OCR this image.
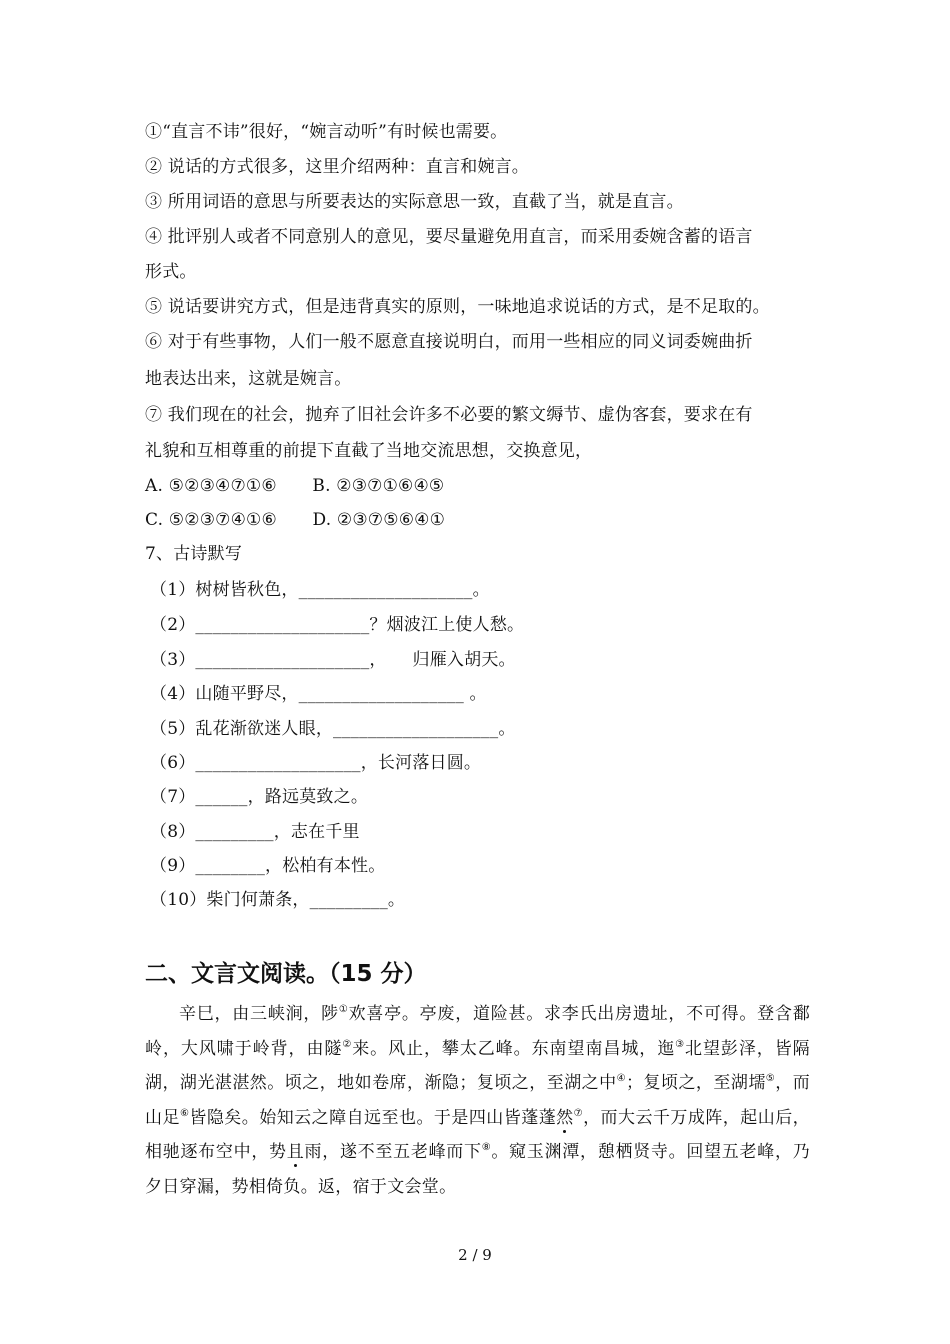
①“直言不讳”很好，“婉言动听”有时候也需要。
② 说话的方式很多，这里介绍两种：直言和婉言。
③ 所用词语的意思与所要表达的实际意思一致，直截了当，就是直言。
④ 批评别人或者不同意别人的意见，要尽量避免用直言，而采用委婉含蓄的语言
形式。
⑤ 说话要讲究方式，但是违背真实的原则，一味地追求说话的方式，是不足取的。
⑥ 对于有些事物，人们一般不愿意直接说明白，而用一些相应的同义词委婉曲折
地表达出来，这就是婉言。
⑦ 我们现在的社会，抛弃了旧社会许多不必要的繁文缛节、虚伪客套，要求在有
礼貌和互相尊重的前提下直截了当地交流思想，交换意见，
A. ⑤②③④⑦①⑥ B. ②③⑦①⑥④⑤
C. ⑤②③⑦④①⑥ D. ②③⑦⑤⑥④①
7、古诗默写
（1）树树皆秋色，____________________。
（2）____________________？烟波江上使人愁。
（3）____________________，　　归雁入胡天。
（4）山随平野尽，___________________ 。
（5）乱花渐欲迷人眼，___________________。
（6）___________________，长河落日圆。
（7）______，路远莫致之。
（8）_________，志在千里
（9）________，松柏有本性。
（10）柴门何萧条，_________。
二、文言文阅读。（15 分）
辛巳，由三峡涧，陟①欢喜亭。亭废，道险甚。求李氏出房遗址，不可得。登含鄱岭，大风啸于岭背，由隧②来。风止，攀太乙峰。东南望南昌城，迤③北望彭泽，皆隔湖，湖光湛湛然。顷之，地如卷席，渐隐；复顷之，至湖之中④；复顷之，至湖壖⑤，而山足⑥皆隐矣。始知云之障自远至也。于是四山皆蓬蓬然⑦，而大云千万成阵，起山后，相驰逐布空中，势且雨，遂不至五老峰而下⑧。窥玉渊潭，憩栖贤寺。回望五老峰，乃夕日穿漏，势相倚负。返，宿于文会堂。
2 / 9
